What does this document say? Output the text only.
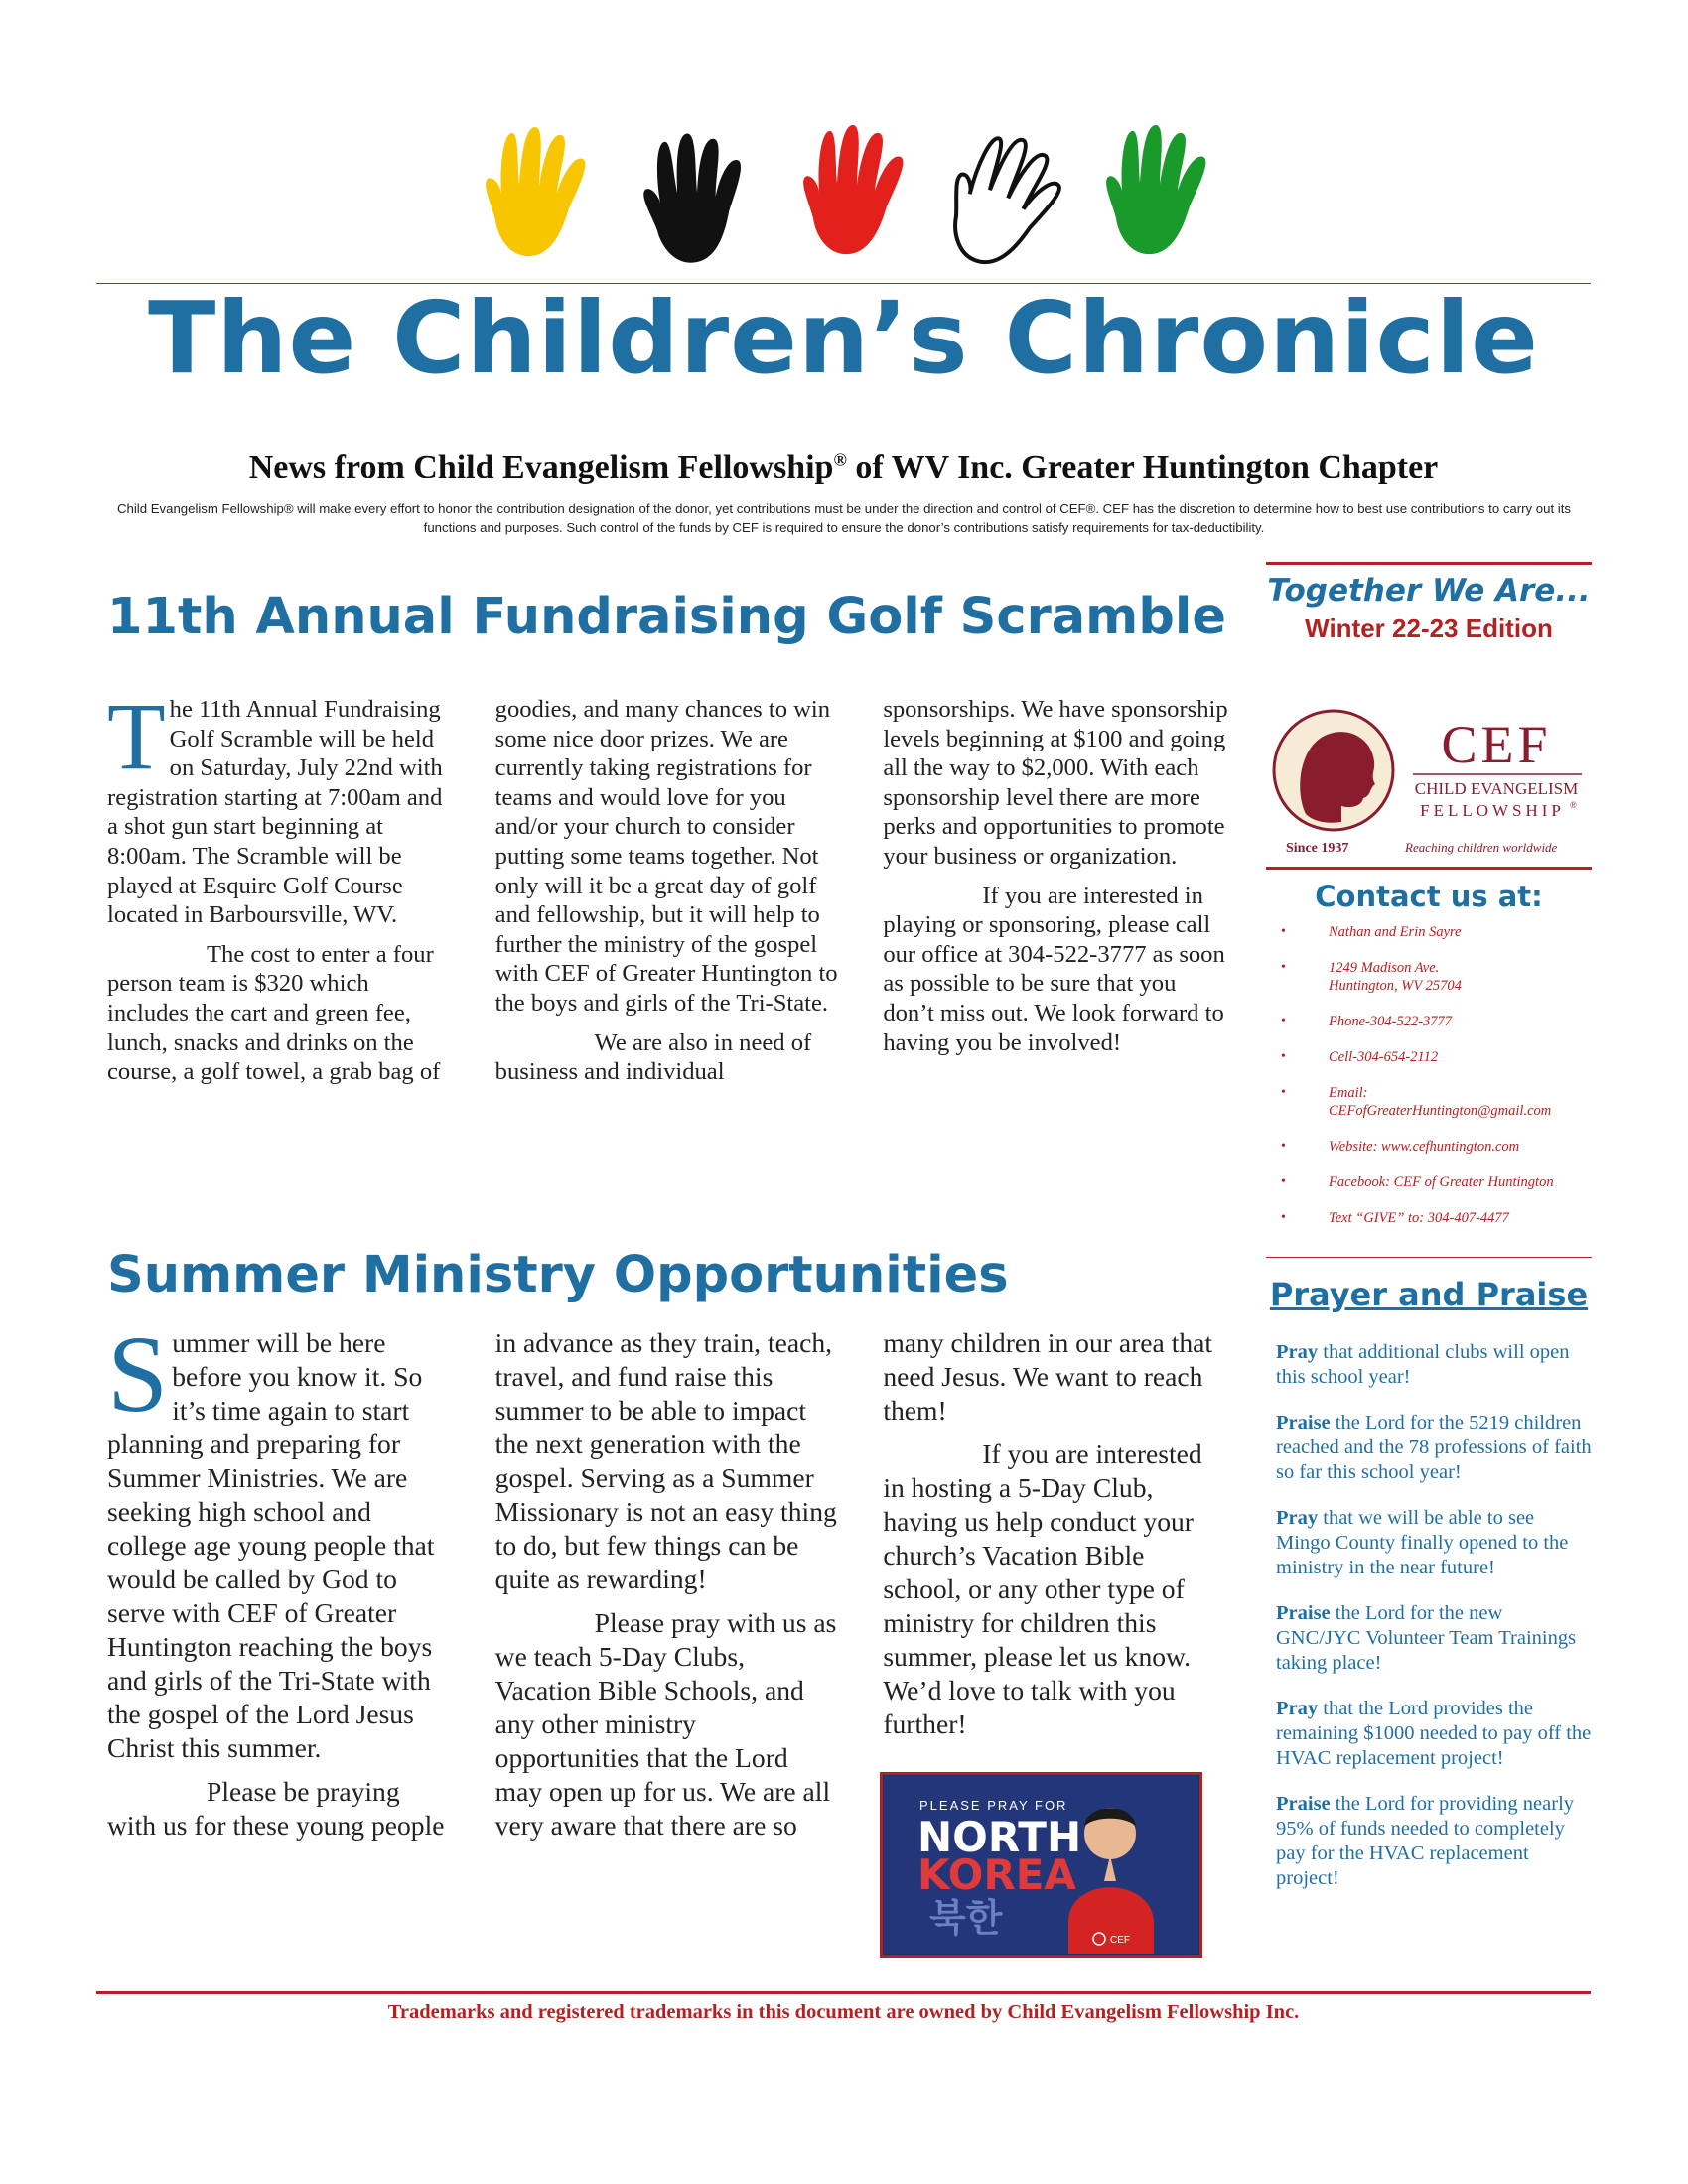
The Children’s Chronicle
News from Child Evangelism Fellowship® of WV Inc. Greater Huntington Chapter
Child Evangelism Fellowship® will make every effort to honor the contribution designation of the donor, yet contributions must be under the direction and control of CEF®. CEF has the discretion to determine how to best use contributions to carry out its functions and purposes. Such control of the funds by CEF is required to ensure the donor’s contributions satisfy requirements for tax-deductibility.
11th Annual Fundraising Golf Scramble

The 11th Annual Fundraising Golf Scramble will be held on Saturday, July 22nd with registration starting at 7:00am and a shot gun start beginning at 8:00am. The Scramble will be played at Esquire Golf Course located in Barboursville, WV.

The cost to enter a four person team is $320 which includes the cart and green fee, lunch, snacks and drinks on the course, a golf towel, a grab bag of goodies, and many chances to win some nice door prizes. We are currently taking registrations for teams and would love for you and/or your church to consider putting some teams together. Not only will it be a great day of golf and fellowship, but it will help to further the ministry of the gospel with CEF of Greater Huntington to the boys and girls of the Tri-State.

We are also in need of business and individual sponsorships. We have sponsorship levels beginning at $100 and going all the way to $2,000. With each sponsorship level there are more perks and opportunities to promote your business or organization.

If you are interested in playing or sponsoring, please call our office at 304-522-3777 as soon as possible to be sure that you don’t miss out. We look forward to having you be involved!

Summer Ministry Opportunities

Summer will be here before you know it. So it’s time again to start planning and preparing for Summer Ministries. We are seeking high school and college age young people that would be called by God to serve with CEF of Greater Huntington reaching the boys and girls of the Tri-State with the gospel of the Lord Jesus Christ this summer.

Please be praying with us for these young people in advance as they train, teach, travel, and fund raise this summer to be able to impact the next generation with the gospel. Serving as a Summer Missionary is not an easy thing to do, but few things can be quite as rewarding!

Please pray with us as we teach 5-Day Clubs, Vacation Bible Schools, and any other ministry opportunities that the Lord may open up for us. We are all very aware that there are so many children in our area that need Jesus. We want to reach them!

If you are interested in hosting a 5-Day Club, having us help conduct your church’s Vacation Bible school, or any other type of ministry for children this summer, please let us know. We’d love to talk with you further!

PLEASE PRAY FOR
NORTH
KOREA
북한
CEF
Together We Are...
Winter 22-23 Edition
CEF
CHILD EVANGELISM
FELLOWSHIP ®
Since 1937	Reaching children worldwide
Contact us at:
• Nathan and Erin Sayre
• 1249 Madison Ave.
Huntington, WV 25704
• Phone-304-522-3777
• Cell-304-654-2112
• Email:
CEFofGreaterHuntington@gmail.com
• Website: www.cefhuntington.com
• Facebook: CEF of Greater Huntington
• Text “GIVE” to: 304-407-4477
Prayer and Praise

Pray that additional clubs will open this school year!

Praise the Lord for the 5219 children reached and the 78 professions of faith so far this school year!

Pray that we will be able to see Mingo County finally opened to the ministry in the near future!

Praise the Lord for the new GNC/JYC Volunteer Team Trainings taking place!

Pray that the Lord provides the remaining $1000 needed to pay off the HVAC replacement project!

Praise the Lord for providing nearly 95% of funds needed to completely pay for the HVAC replacement project!

Trademarks and registered trademarks in this document are owned by Child Evangelism Fellowship Inc.
